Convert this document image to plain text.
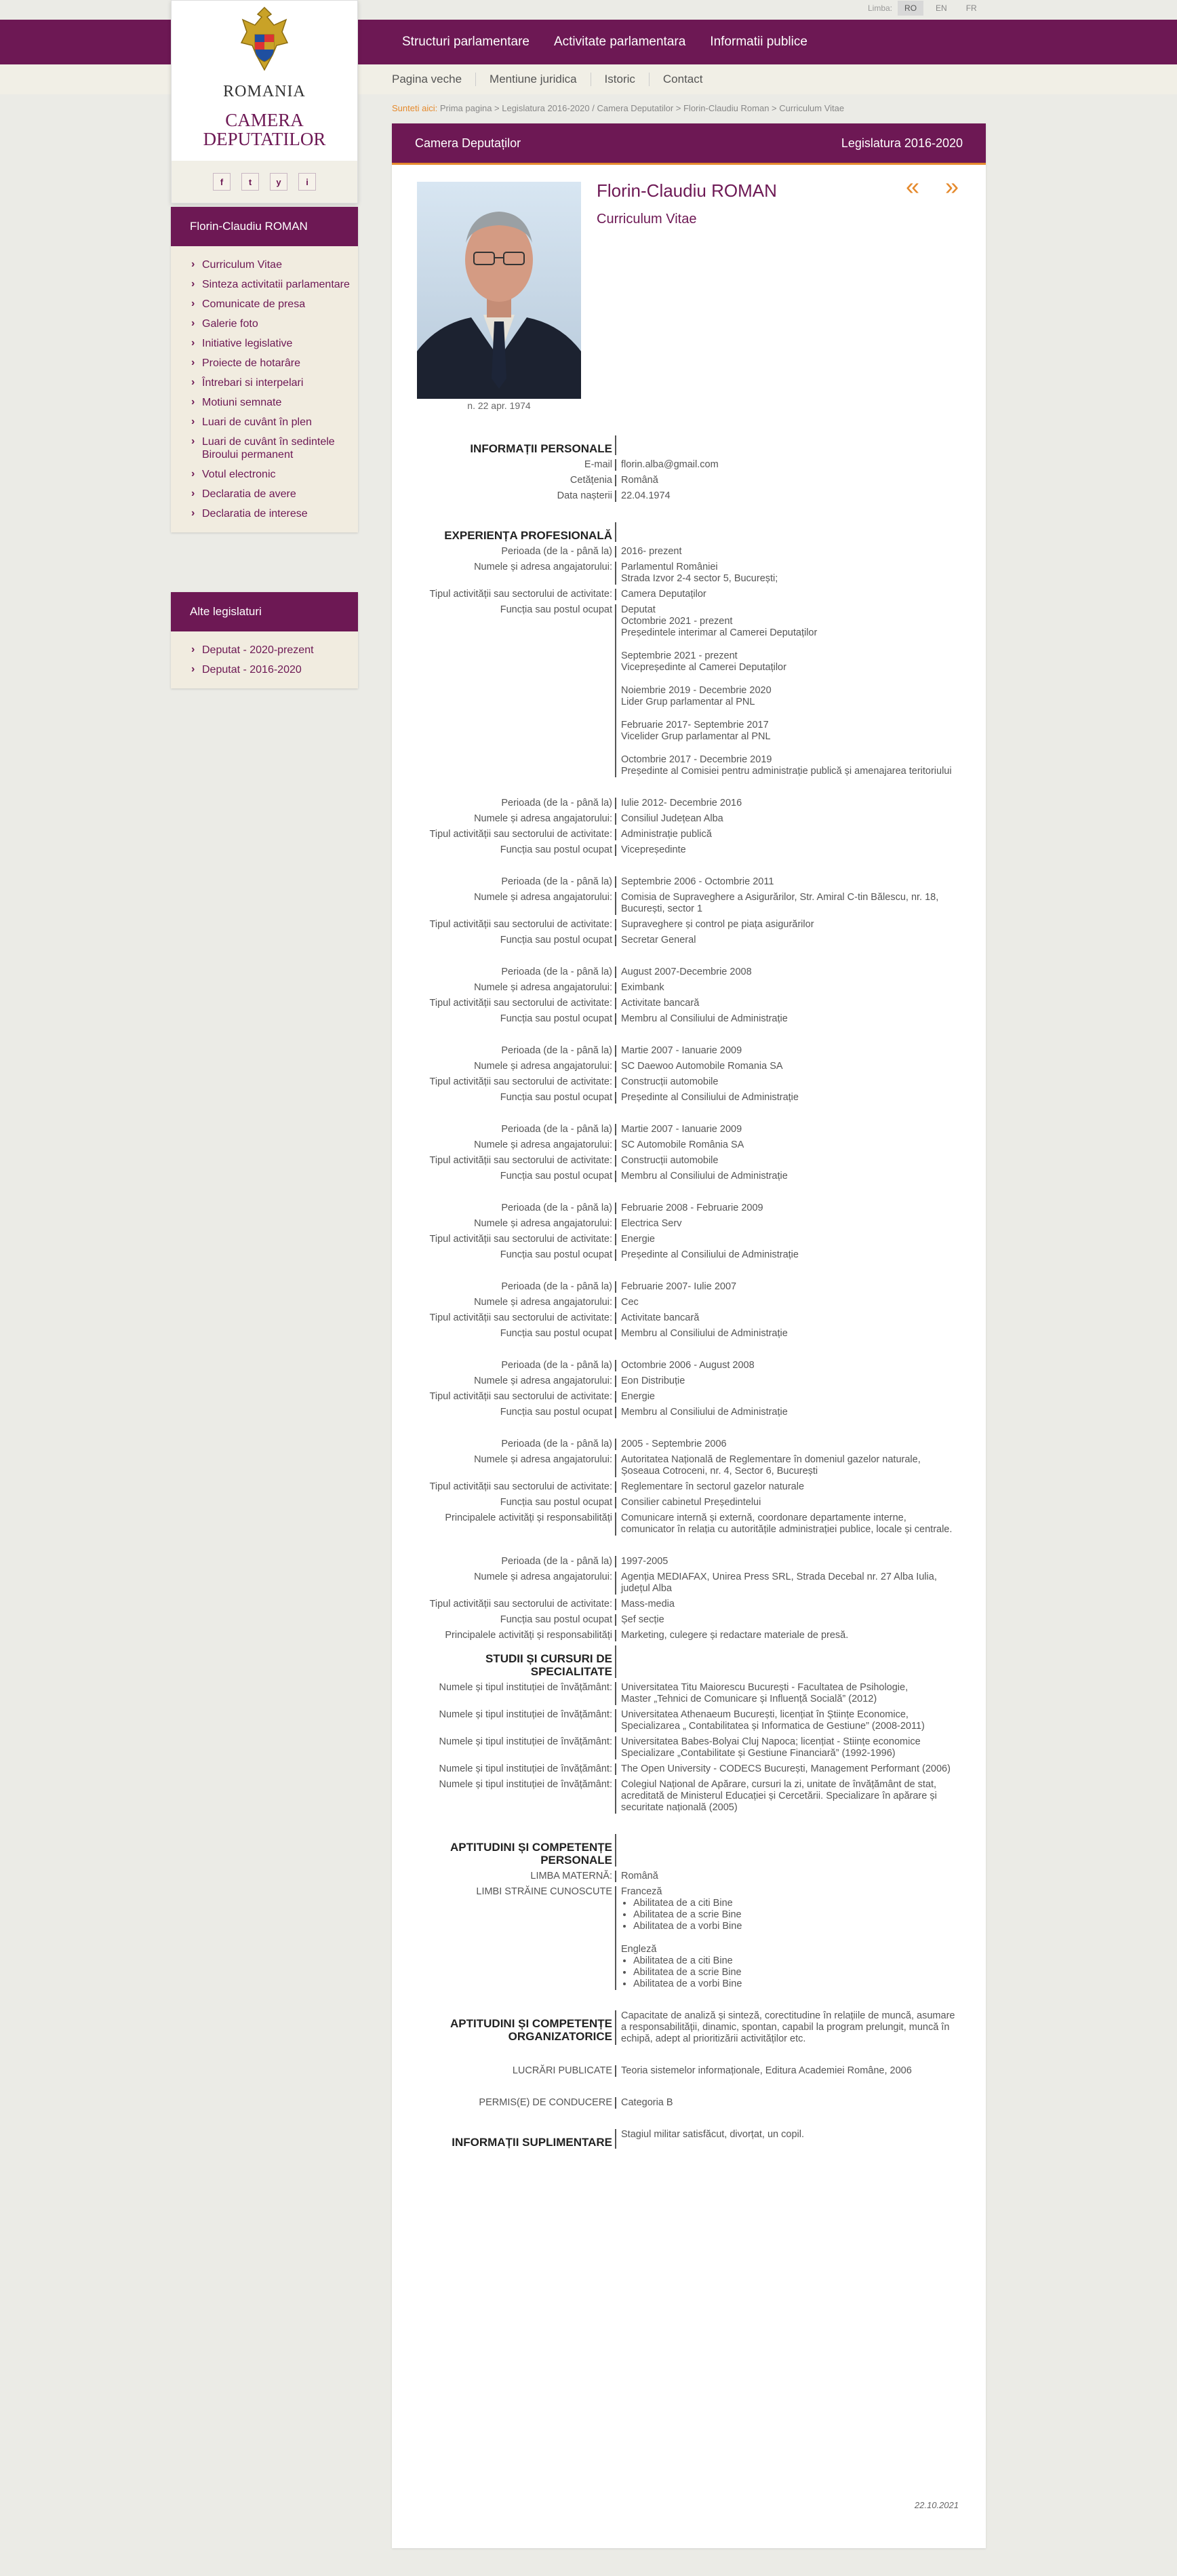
Limba:	RO	EN	FR
Structuri parlamentare Activitate parlamentara Informatii publice
Pagina veche	Mentiune juridica	Istoric	Contact
ROMANIA
CAMERA DEPUTATILOR
f	t	y	i
Sunteti aici: Prima pagina > Legislatura 2016-2020 / Camera Deputatilor > Florin-Claudiu Roman > Curriculum Vitae
Florin-Claudiu ROMAN
› Curriculum Vitae
› Sinteza activitatii parlamentare
› Comunicate de presa
› Galerie foto
› Initiative legislative
› Proiecte de hotarâre
› Întrebari si interpelari
› Motiuni semnate
› Luari de cuvânt în plen
› Luari de cuvânt în sedintele Biroului permanent
› Votul electronic
› Declaratia de avere
› Declaratia de interese
Alte legislaturi
› Deputat - 2020-prezent
› Deputat - 2016-2020
Camera Deputaților	Legislatura 2016-2020
n. 22 apr. 1974
Florin-Claudiu ROMAN
Curriculum Vitae
« »
INFORMAȚII PERSONALE
E-mail florin.alba@gmail.com
Cetățenia Română
Data nașterii 22.04.1974
EXPERIENȚA PROFESIONALĂ
Perioada (de la - până la) 2016- prezent
Numele și adresa angajatorului: Parlamentul României
Strada Izvor 2-4 sector 5, București;
Tipul activității sau sectorului de activitate: Camera Deputaților
Funcția sau postul ocupat Deputat
Octombrie 2021 - prezent
Președintele interimar al Camerei Deputaților

Septembrie 2021 - prezent
Vicepreședinte al Camerei Deputaților

Noiembrie 2019 - Decembrie 2020
Lider Grup parlamentar al PNL

Februarie 2017- Septembrie 2017
Vicelider Grup parlamentar al PNL

Octombrie 2017 - Decembrie 2019
Președinte al Comisiei pentru administrație publică și amenajarea teritoriului
Perioada (de la - până la) Iulie 2012- Decembrie 2016
Numele și adresa angajatorului: Consiliul Județean Alba
Tipul activității sau sectorului de activitate: Administrație publică
Funcția sau postul ocupat Vicepreședinte
Perioada (de la - până la) Septembrie 2006 - Octombrie 2011
Numele și adresa angajatorului: Comisia de Supraveghere a Asigurărilor, Str. Amiral C-tin Bălescu, nr. 18, București, sector 1
Tipul activității sau sectorului de activitate: Supraveghere și control pe piața asigurărilor
Funcția sau postul ocupat Secretar General
Perioada (de la - până la) August 2007-Decembrie 2008
Numele și adresa angajatorului: Eximbank
Tipul activității sau sectorului de activitate: Activitate bancară
Funcția sau postul ocupat Membru al Consiliului de Administrație
Perioada (de la - până la) Martie 2007 - Ianuarie 2009
Numele și adresa angajatorului: SC Daewoo Automobile Romania SA
Tipul activității sau sectorului de activitate: Construcții automobile
Funcția sau postul ocupat Președinte al Consiliului de Administrație
Perioada (de la - până la) Martie 2007 - Ianuarie 2009
Numele și adresa angajatorului: SC Automobile România SA
Tipul activității sau sectorului de activitate: Construcții automobile
Funcția sau postul ocupat Membru al Consiliului de Administrație
Perioada (de la - până la) Februarie 2008 - Februarie 2009
Numele și adresa angajatorului: Electrica Serv
Tipul activității sau sectorului de activitate: Energie
Funcția sau postul ocupat Președinte al Consiliului de Administrație
Perioada (de la - până la) Februarie 2007- Iulie 2007
Numele și adresa angajatorului: Cec
Tipul activității sau sectorului de activitate: Activitate bancară
Funcția sau postul ocupat Membru al Consiliului de Administrație
Perioada (de la - până la) Octombrie 2006 - August 2008
Numele și adresa angajatorului: Eon Distribuție
Tipul activității sau sectorului de activitate: Energie
Funcția sau postul ocupat Membru al Consiliului de Administrație
Perioada (de la - până la) 2005 - Septembrie 2006
Numele și adresa angajatorului: Autoritatea Națională de Reglementare în domeniul gazelor naturale, Șoseaua Cotroceni, nr. 4, Sector 6, București
Tipul activității sau sectorului de activitate: Reglementare în sectorul gazelor naturale
Funcția sau postul ocupat Consilier cabinetul Președintelui
Principalele activități și responsabilități Comunicare internă și externă, coordonare departamente interne, comunicator în relația cu autoritățile administrației publice, locale și centrale.
Perioada (de la - până la) 1997-2005
Numele și adresa angajatorului: Agenția MEDIAFAX, Unirea Press SRL, Strada Decebal nr. 27 Alba Iulia, județul Alba
Tipul activității sau sectorului de activitate: Mass-media
Funcția sau postul ocupat Șef secție
Principalele activități și responsabilități Marketing, culegere și redactare materiale de presă.
STUDII ȘI CURSURI DE SPECIALITATE
Numele și tipul instituției de învățământ: Universitatea Titu Maiorescu București - Facultatea de Psihologie,
Master „Tehnici de Comunicare și Influență Socială” (2012)
Numele și tipul instituției de învățământ: Universitatea Athenaeum București, licențiat în Științe Economice, Specializarea „ Contabilitatea și Informatica de Gestiune” (2008-2011)
Numele și tipul instituției de învățământ: Universitatea Babes-Bolyai Cluj Napoca; licențiat - Stiințe economice Specializare „Contabilitate și Gestiune Financiară” (1992-1996)
Numele și tipul instituției de învățământ: The Open University - CODECS București, Management Performant (2006)
Numele și tipul instituției de învățământ: Colegiul Național de Apărare, cursuri la zi, unitate de învățământ de stat, acreditată de Ministerul Educației și Cercetării. Specializare în apărare și securitate națională (2005)
APTITUDINI ȘI COMPETENȚE PERSONALE
LIMBA MATERNĂ: Română
LIMBI STRĂINE CUNOSCUTE Franceză
• Abilitatea de a citi Bine
• Abilitatea de a scrie Bine
• Abilitatea de a vorbi Bine
Engleză
• Abilitatea de a citi Bine
• Abilitatea de a scrie Bine
• Abilitatea de a vorbi Bine
APTITUDINI ȘI COMPETENȚE ORGANIZATORICE
Capacitate de analiză și sinteză, corectitudine în relațiile de muncă, asumare a responsabilității, dinamic, spontan, capabil la program prelungit, muncă în echipă, adept al prioritizării activităților etc.
LUCRĂRI PUBLICATE Teoria sistemelor informaționale, Editura Academiei Române, 2006
PERMIS(E) DE CONDUCERE Categoria B
INFORMAȚII SUPLIMENTARE
Stagiul militar satisfăcut, divorțat, un copil.
22.10.2021
